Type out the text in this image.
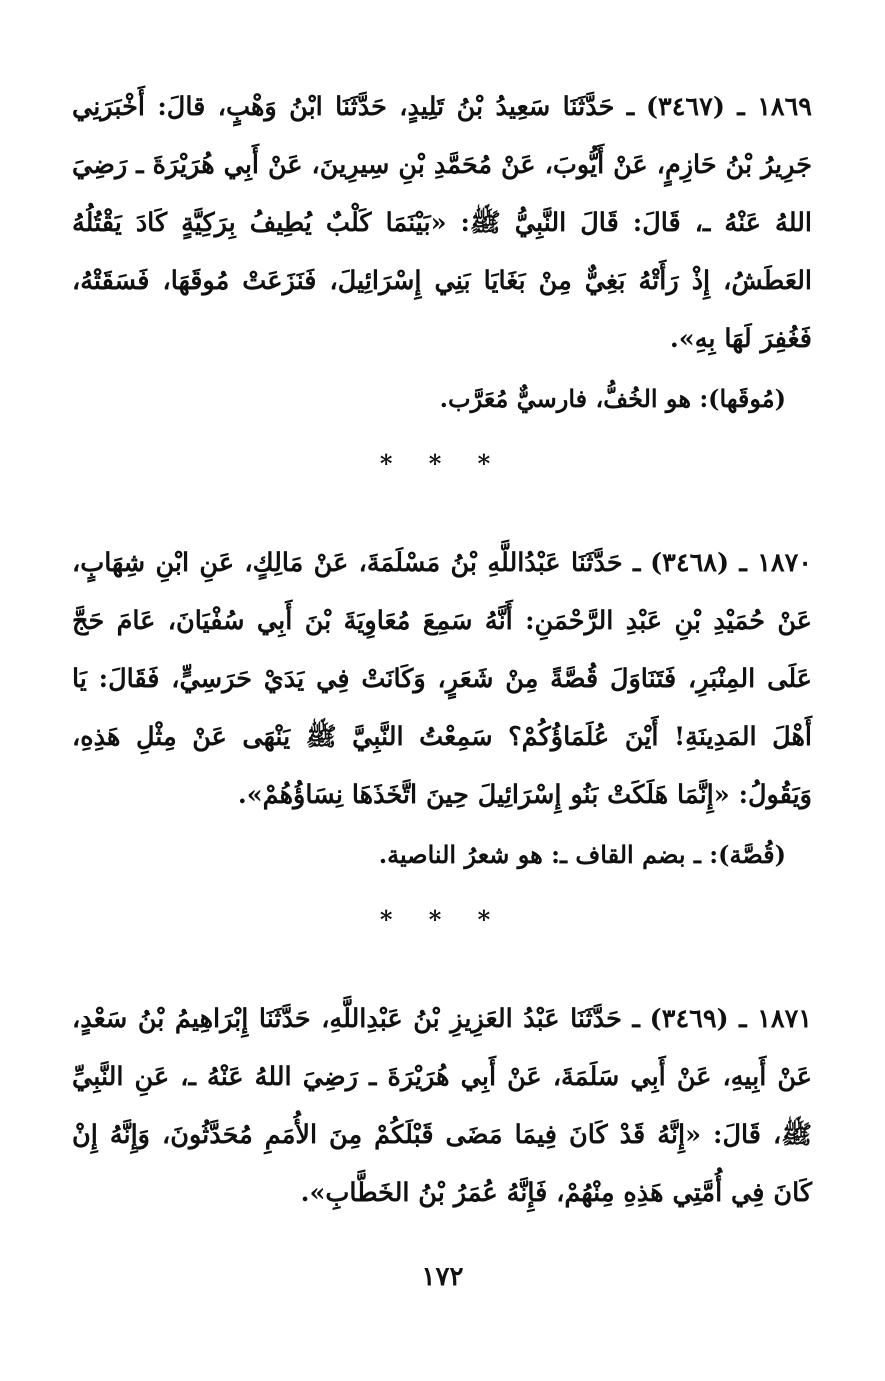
١٨٦٩ ـ (٣٤٦٧) ـ حَدَّثَنَا سَعِيدُ بْنُ تَلِيدٍ، حَدَّثَنَا ابْنُ وَهْبٍ، قالَ: أَخْبَرَنِي جَرِيرُ بْنُ حَازِمٍ، عَنْ أَيُّوبَ، عَنْ مُحَمَّدِ بْنِ سِيرِينَ، عَنْ أَبِي هُرَيْرَةَ ـ رَضِيَ اللهُ عَنْهُ ـ، قَالَ: قَالَ النَّبِيُّ ﷺ: «بَيْنَمَا كَلْبٌ يُطِيفُ بِرَكِيَّةٍ كَادَ يَقْتُلُهُ العَطَشُ، إِذْ رَأَتْهُ بَغِيٌّ مِنْ بَغَايَا بَنِي إِسْرَائِيلَ، فَنَزَعَتْ مُوقَهَا، فَسَقَتْهُ، فَغُفِرَ لَهَا بِهِ».

(مُوقَها): هو الخُفُّ، فارسيٌّ مُعَرَّب.
* * *

١٨٧٠ ـ (٣٤٦٨) ـ حَدَّثَنَا عَبْدُاللَّهِ بْنُ مَسْلَمَةَ، عَنْ مَالِكٍ، عَنِ ابْنِ شِهَابٍ، عَنْ حُمَيْدِ بْنِ عَبْدِ الرَّحْمَنِ: أَنَّهُ سَمِعَ مُعَاوِيَةَ بْنَ أَبِي سُفْيَانَ، عَامَ حَجَّ عَلَى المِنْبَرِ، فَتَنَاوَلَ قُصَّةً مِنْ شَعَرٍ، وَكَانَتْ فِي يَدَيْ حَرَسِيٍّ، فَقَالَ: يَا أَهْلَ المَدِينَةِ! أَيْنَ عُلَمَاؤُكُمْ؟ سَمِعْتُ النَّبِيَّ ﷺ يَنْهَى عَنْ مِثْلِ هَذِهِ، وَيَقُولُ: «إِنَّمَا هَلَكَتْ بَنُو إِسْرَائِيلَ حِينَ اتَّخَذَهَا نِسَاؤُهُمْ».

(قُصَّة): ـ بضم القاف ـ: هو شعرُ الناصية.
* * *

١٨٧١ ـ (٣٤٦٩) ـ حَدَّثَنَا عَبْدُ العَزِيزِ بْنُ عَبْدِاللَّهِ، حَدَّثَنَا إِبْرَاهِيمُ بْنُ سَعْدٍ، عَنْ أَبِيهِ، عَنْ أَبِي سَلَمَةَ، عَنْ أَبِي هُرَيْرَةَ ـ رَضِيَ اللهُ عَنْهُ ـ، عَنِ النَّبِيِّ ﷺ، قَالَ: «إِنَّهُ قَدْ كَانَ فِيمَا مَضَى قَبْلَكُمْ مِنَ الأُمَمِ مُحَدَّثُونَ، وَإِنَّهُ إِنْ كَانَ فِي أُمَّتِي هَذِهِ مِنْهُمْ، فَإِنَّهُ عُمَرُ بْنُ الخَطَّابِ».

١٧٢
